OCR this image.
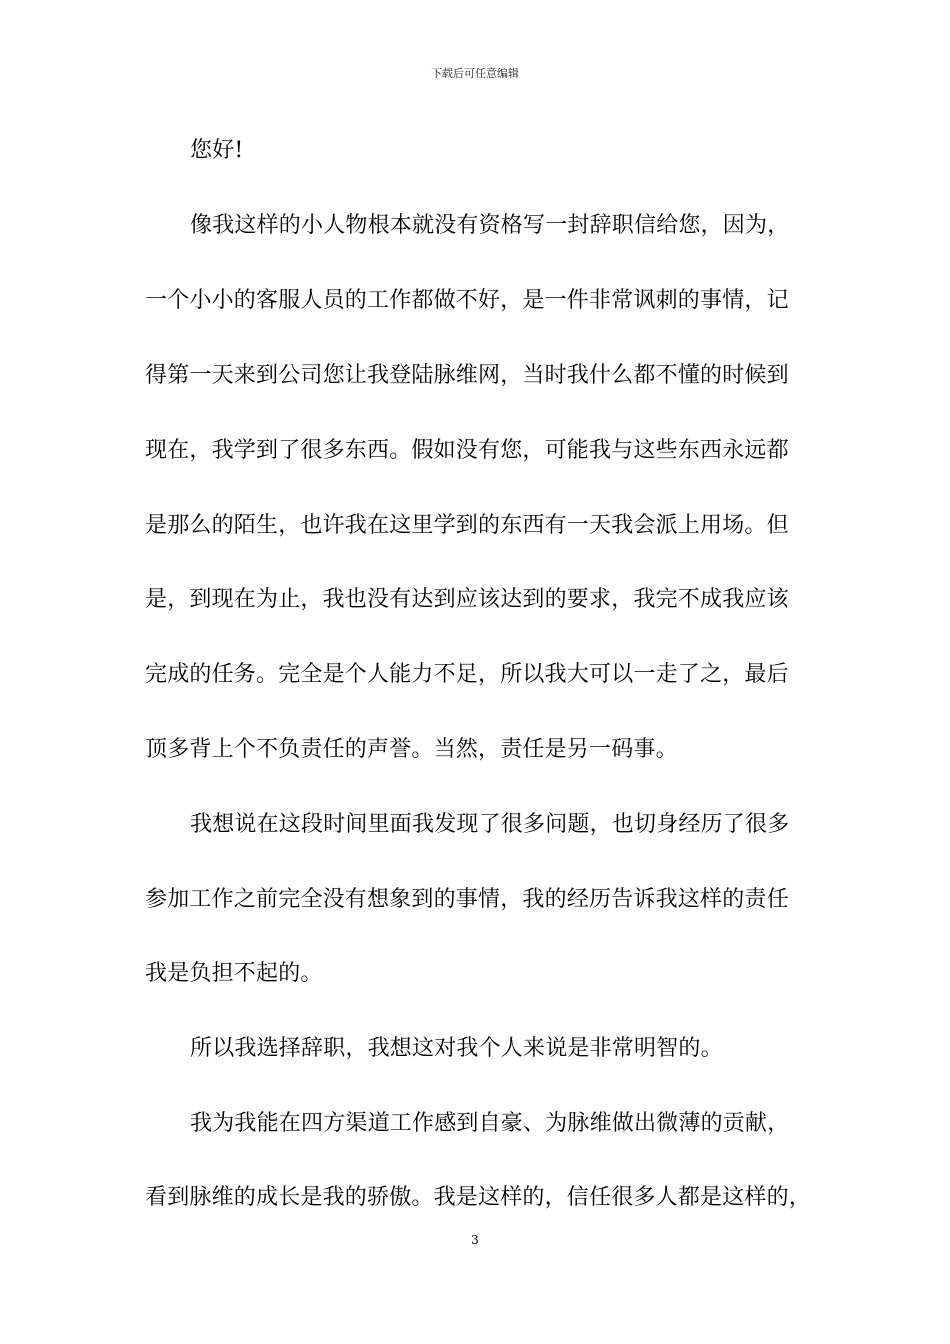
下载后可任意编辑
您好!
像我这样的小人物根本就没有资格写一封辞职信给您，因为，
一个小小的客服人员的工作都做不好，是一件非常讽刺的事情，记
得第一天来到公司您让我登陆脉维网，当时我什么都不懂的时候到
现在，我学到了很多东西。假如没有您，可能我与这些东西永远都
是那么的陌生，也许我在这里学到的东西有一天我会派上用场。但
是，到现在为止，我也没有达到应该达到的要求，我完不成我应该
完成的任务。完全是个人能力不足，所以我大可以一走了之，最后
顶多背上个不负责任的声誉。当然，责任是另一码事。
我想说在这段时间里面我发现了很多问题，也切身经历了很多
参加工作之前完全没有想象到的事情，我的经历告诉我这样的责任
我是负担不起的。
所以我选择辞职，我想这对我个人来说是非常明智的。
我为我能在四方渠道工作感到自豪、为脉维做出微薄的贡献，
看到脉维的成长是我的骄傲。我是这样的，信任很多人都是这样的，
3
